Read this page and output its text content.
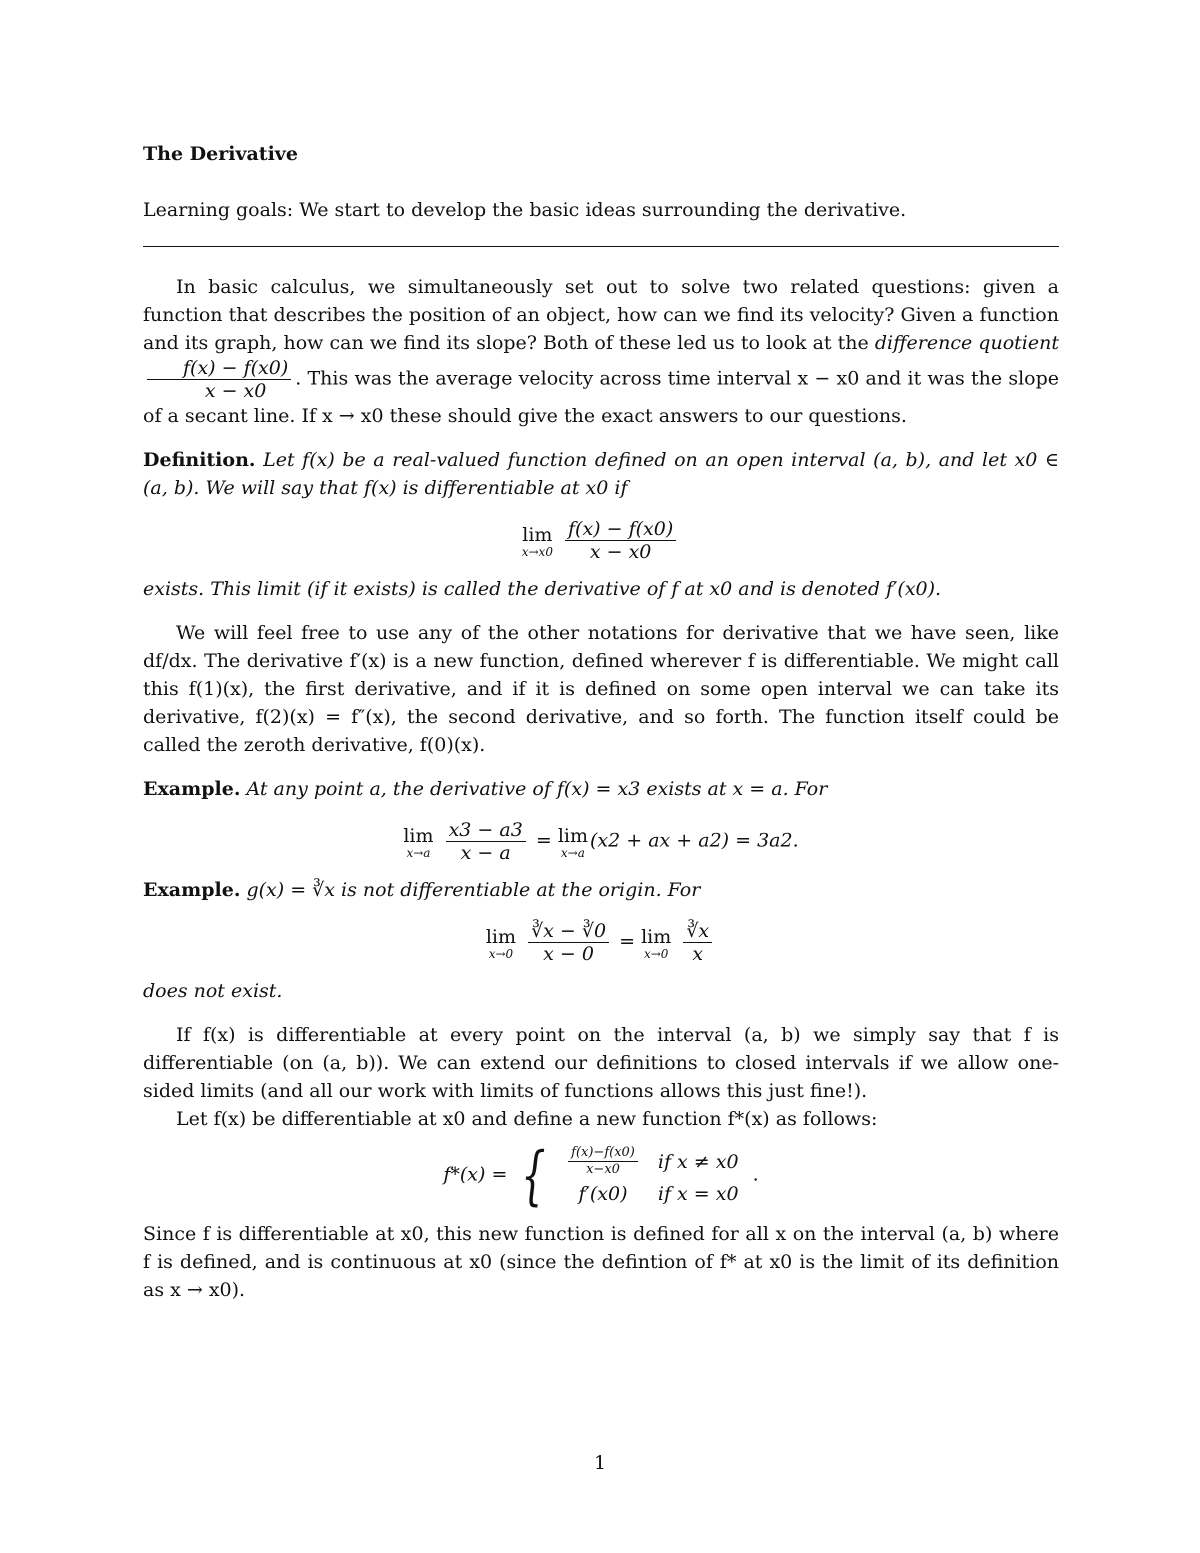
The Derivative
Learning goals: We start to develop the basic ideas surrounding the derivative.

In basic calculus, we simultaneously set out to solve two related questions: given a function that describes the position of an object, how can we find its velocity? Given a function and its graph, how can we find its slope? Both of these led us to look at the difference quotient
$\frac{f(x) - f(x0)}{x - x0}$ . This was the average velocity across time interval x − x0 and it was the slope of a secant line. If x → x0 these should give the exact answers to our questions.

Definition. Let f(x) be a real-valued function defined on an open interval (a, b), and let x0 ∈ (a, b). We will say that f(x) is differentiable at x0 if

lim
x→x0
$\frac{f(x) - f(x0)}{x - x0}$

exists. This limit (if it exists) is called the derivative of f at x0 and is denoted f′(x0).

We will feel free to use any of the other notations for derivative that we have seen, like df/dx. The derivative f′(x) is a new function, defined wherever f is differentiable. We might call this f(1)(x), the first derivative, and if it is defined on some open interval we can take its derivative, f(2)(x) = f″(x), the second derivative, and so forth. The function itself could be called the zeroth derivative, f(0)(x).

Example. At any point a, the derivative of f(x) = x3 exists at x = a. For

lim
x→a
$\frac{x3 - a3}{x - a} = \lim$
x→a
(x2 + ax + a2) = 3a2.

Example. g(x) = ∛x is not differentiable at the origin. For

lim
x→0
$\frac{∛x - ∛0}{x - 0} = \lim$
x→0
$\frac{∛x}{x}$

does not exist.

If f(x) is differentiable at every point on the interval (a, b) we simply say that f is differentiable (on (a, b)). We can extend our definitions to closed intervals if we allow one-sided limits (and all our work with limits of functions allows this just fine!).

Let f(x) be differentiable at x0 and define a new function f*(x) as follows:

f*(x) = { $\frac{f(x)-f(x0)}{x-x0}$	if x ≠ x0
f′(x0)	if x = x0
.

Since f is differentiable at x0, this new function is defined for all x on the interval (a, b) where f is defined, and is continuous at x0 (since the defintion of f* at x0 is the limit of its definition as x → x0).

1
